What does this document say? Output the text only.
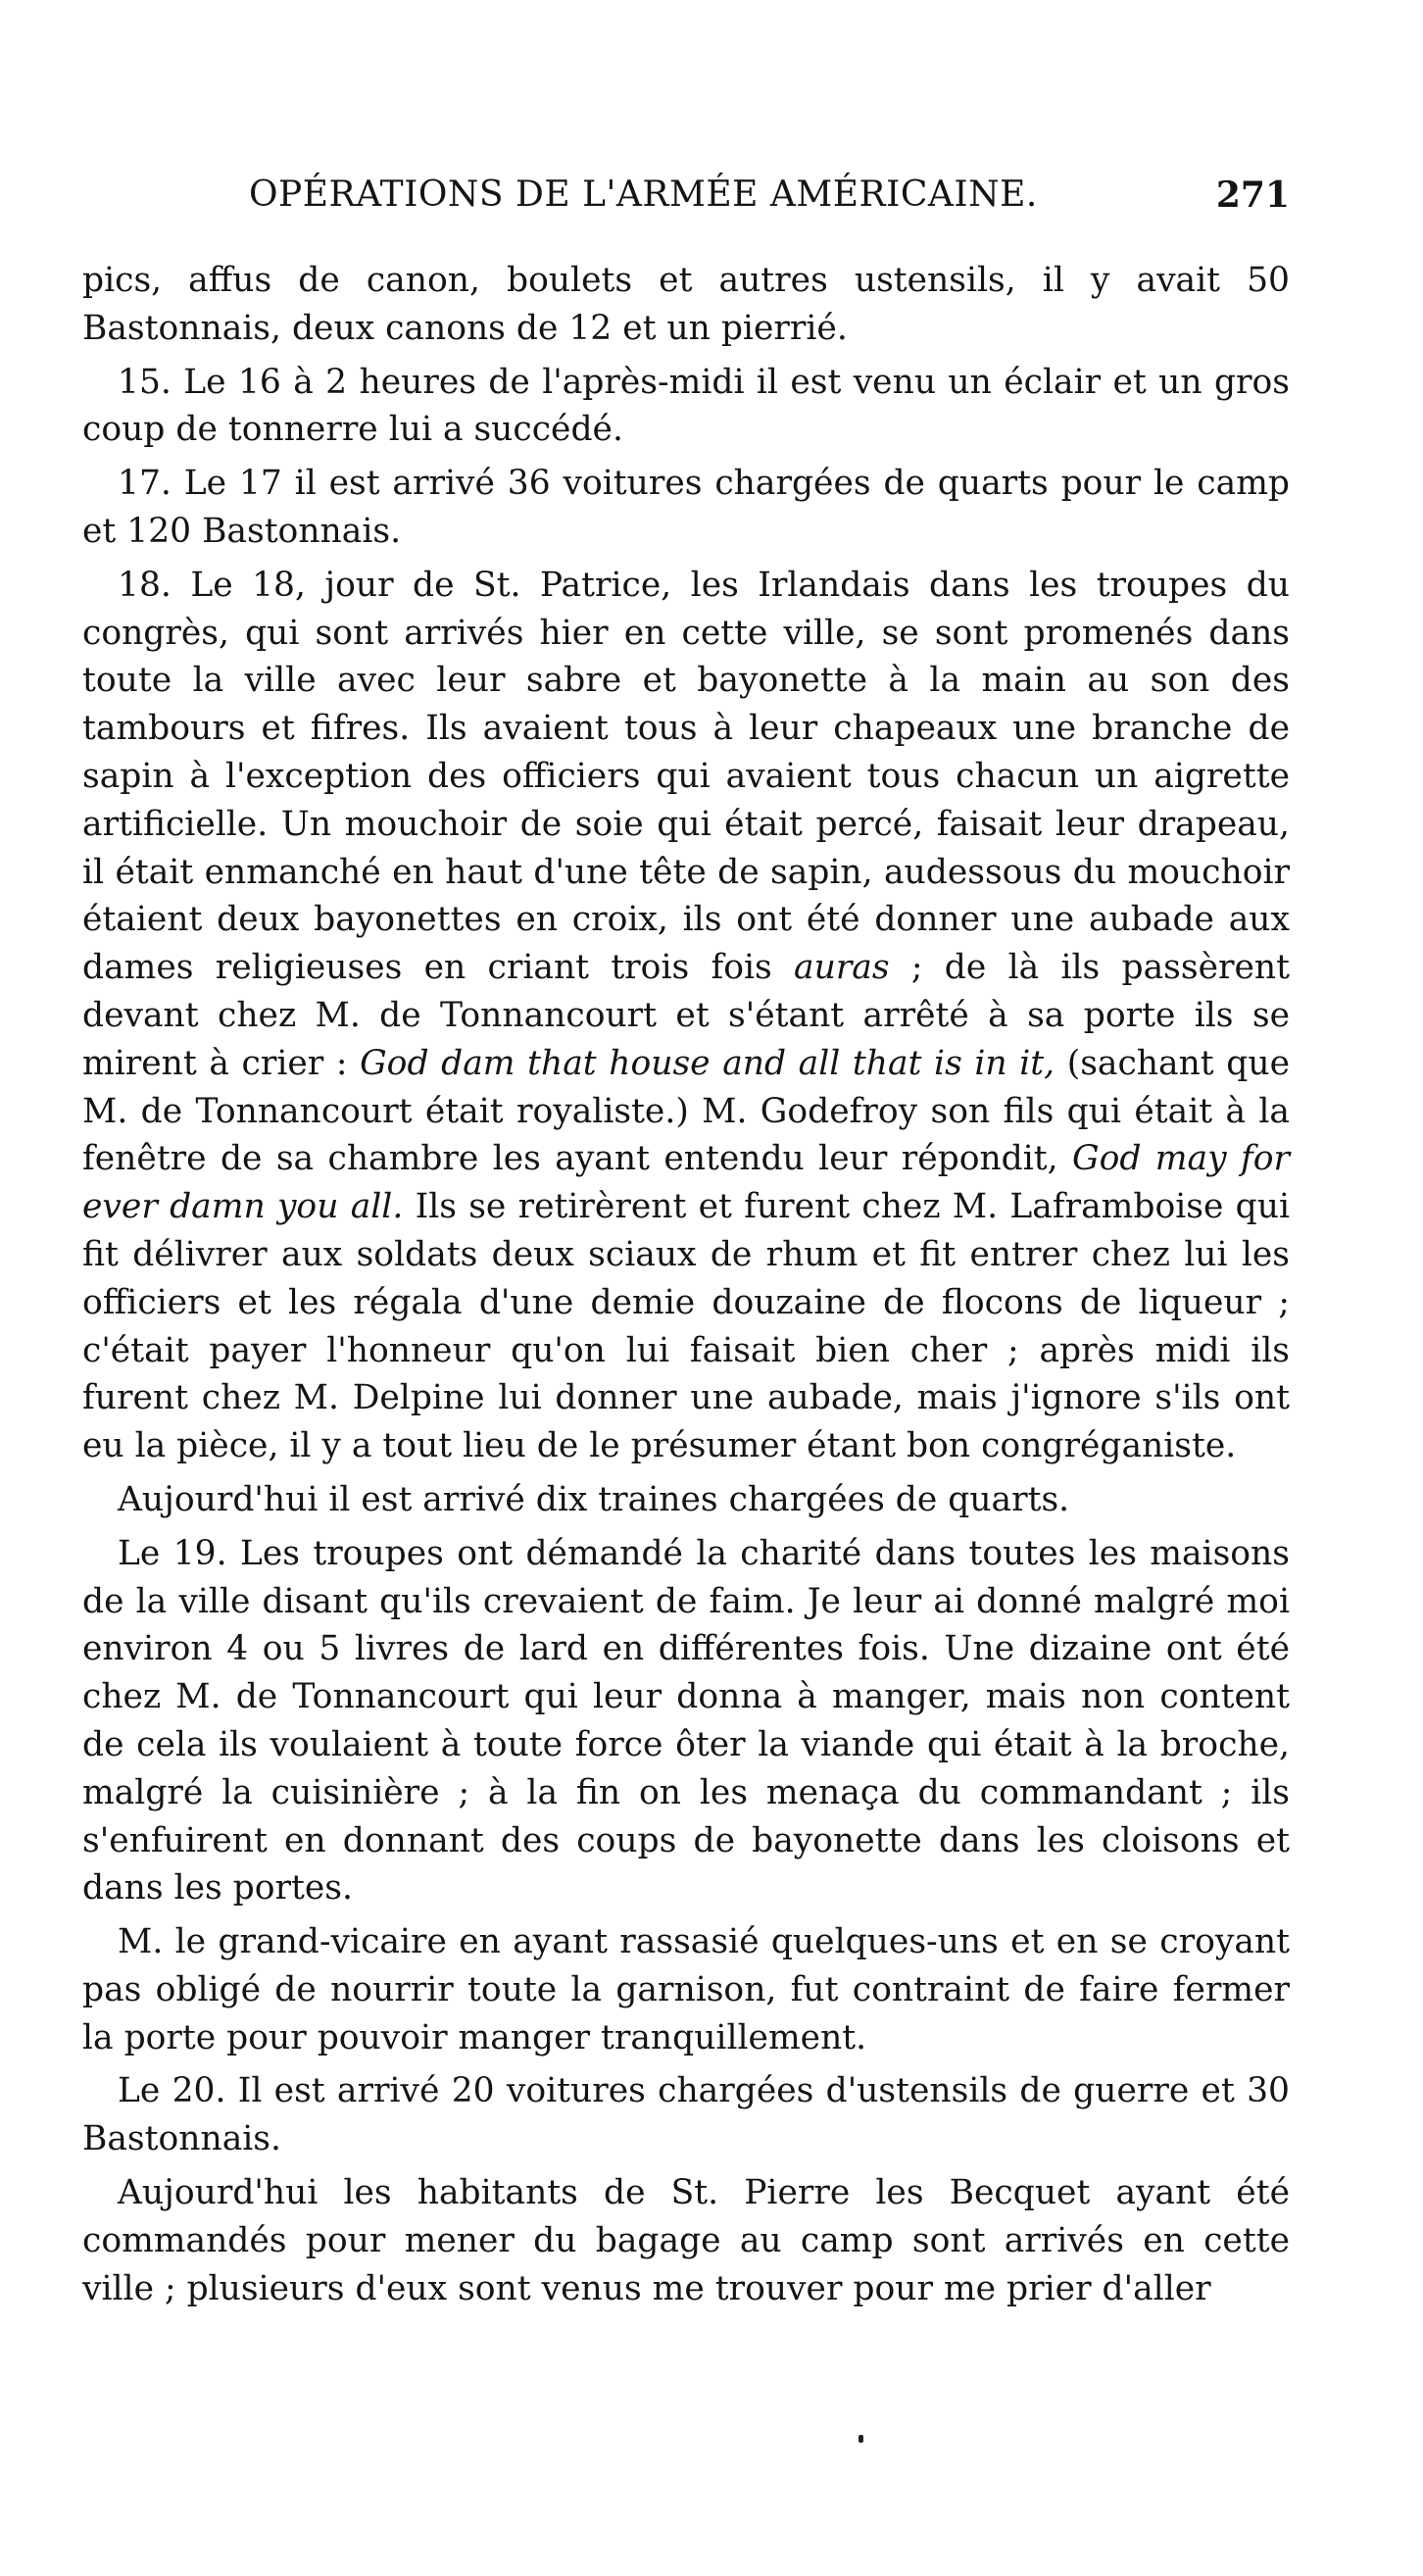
OPÉRATIONS DE L'ARMÉE AMÉRICAINE.	271

pics, affus de canon, boulets et autres ustensils, il y avait 50 Bastonnais, deux canons de 12 et un pierrié.

15. Le 16 à 2 heures de l'après-midi il est venu un éclair et un gros coup de tonnerre lui a succédé.

17. Le 17 il est arrivé 36 voitures chargées de quarts pour le camp et 120 Bastonnais.

18. Le 18, jour de St. Patrice, les Irlandais dans les troupes du congrès, qui sont arrivés hier en cette ville, se sont promenés dans toute la ville avec leur sabre et bayonette à la main au son des tambours et fifres. Ils avaient tous à leur chapeaux une branche de sapin à l'exception des officiers qui avaient tous chacun un aigrette artificielle. Un mouchoir de soie qui était percé, faisait leur drapeau, il était enmanché en haut d'une tête de sapin, audessous du mouchoir étaient deux bayonettes en croix, ils ont été donner une aubade aux dames religieuses en criant trois fois auras ; de là ils passèrent devant chez M. de Tonnancourt et s'étant arrêté à sa porte ils se mirent à crier : God dam that house and all that is in it, (sachant que M. de Tonnancourt était royaliste.) M. Godefroy son fils qui était à la fenêtre de sa chambre les ayant entendu leur répondit, God may for ever damn you all. Ils se retirèrent et furent chez M. Laframboise qui fit délivrer aux soldats deux sciaux de rhum et fit entrer chez lui les officiers et les régala d'une demie douzaine de flocons de liqueur ; c'était payer l'honneur qu'on lui faisait bien cher ; après midi ils furent chez M. Delpine lui donner une aubade, mais j'ignore s'ils ont eu la pièce, il y a tout lieu de le présumer étant bon congréganiste.

Aujourd'hui il est arrivé dix traines chargées de quarts.

Le 19. Les troupes ont démandé la charité dans toutes les maisons de la ville disant qu'ils crevaient de faim. Je leur ai donné malgré moi environ 4 ou 5 livres de lard en différentes fois. Une dizaine ont été chez M. de Tonnancourt qui leur donna à manger, mais non content de cela ils voulaient à toute force ôter la viande qui était à la broche, malgré la cuisinière ; à la fin on les menaça du commandant ; ils s'enfuirent en donnant des coups de bayonette dans les cloisons et dans les portes.

M. le grand-vicaire en ayant rassasié quelques-uns et en se croyant pas obligé de nourrir toute la garnison, fut contraint de faire fermer la porte pour pouvoir manger tranquillement.

Le 20. Il est arrivé 20 voitures chargées d'ustensils de guerre et 30 Bastonnais.

Aujourd'hui les habitants de St. Pierre les Becquet ayant été commandés pour mener du bagage au camp sont arrivés en cette ville ; plusieurs d'eux sont venus me trouver pour me prier d'aller
